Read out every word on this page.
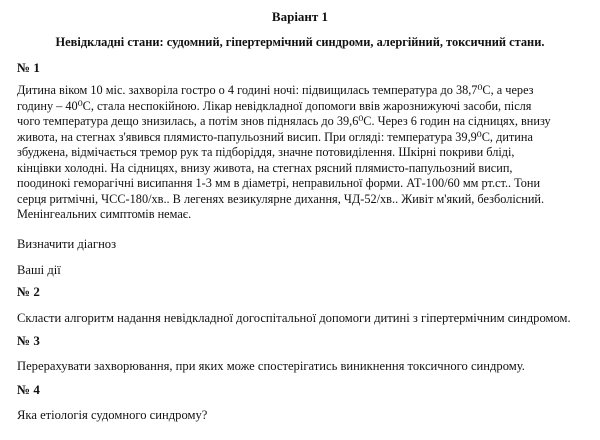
Варіант 1
Невідкладні стани: судомний, гіпертермічний синдроми, алергійний, токсичний стани.
№ 1
Дитина віком 10 міс. захворіла гостро о 4 годині ночі: підвищилась температура до 38,7⁰С, а через
годину – 40⁰С, стала неспокійною. Лікар невідкладної допомоги ввів жарознижуючі засоби, після
чого температура дещо знизилась, а потім знов піднялась до 39,6⁰С. Через 6 годин на сідницях, внизу
живота, на стегнах з'явився плямисто-папульозний висип. При огляді: температура 39,9⁰С, дитина
збуджена, відмічається тремор рук та підборіддя, значне потовиділення. Шкірні покриви бліді,
кінцівки холодні. На сідницях, внизу живота, на стегнах рясний плямисто-папульозний висип,
поодинокі геморагічні висипання 1-3 мм в діаметрі, неправильної форми. АТ-100/60 мм рт.ст.. Тони
серця ритмічні, ЧСС-180/хв.. В легенях везикулярне дихання, ЧД-52/хв.. Живіт м'який, безболісний.
Менінгеальних симптомів немає.
Визначити діагноз
Ваші дії
№ 2
Скласти алгоритм надання невідкладної догоспітальної допомоги дитині з гіпертермічним синдромом.
№ 3
Перерахувати захворювання, при яких може спостерігатись виникнення токсичного синдрому.
№ 4
Яка етіологія судомного синдрому?
